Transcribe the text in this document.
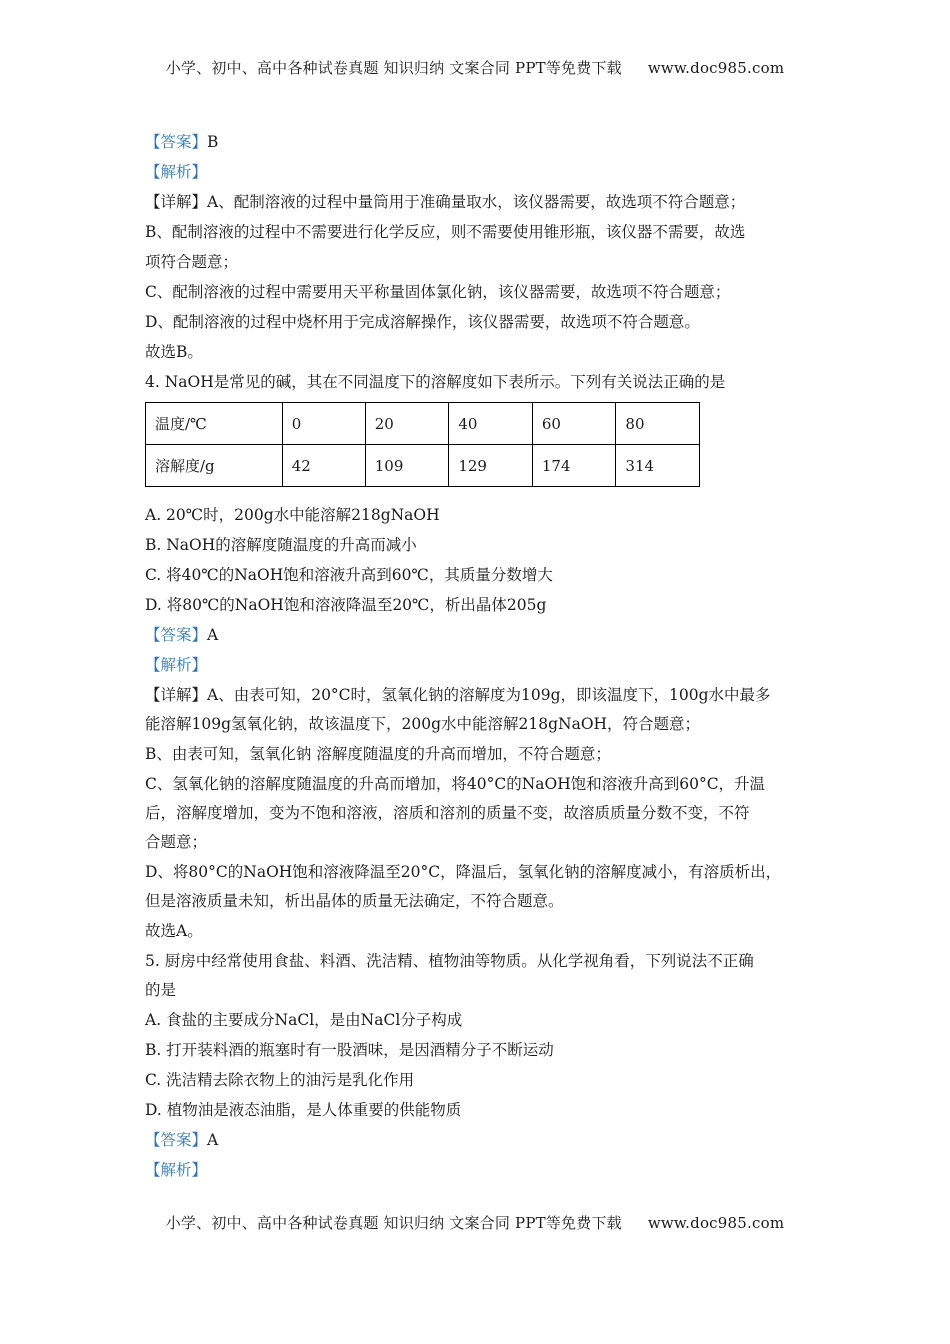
小学、初中、高中各种试卷真题 知识归纳 文案合同 PPT等免费下载 www.doc985.com
【答案】B
【解析】
【详解】A、配制溶液的过程中量筒用于准确量取水，该仪器需要，故选项不符合题意；
B、配制溶液的过程中不需要进行化学反应，则不需要使用锥形瓶，该仪器不需要，故选
项符合题意；
C、配制溶液的过程中需要用天平称量固体氯化钠，该仪器需要，故选项不符合题意；
D、配制溶液的过程中烧杯用于完成溶解操作，该仪器需要，故选项不符合题意。
故选B。
4. NaOH是常见的碱，其在不同温度下的溶解度如下表所示。下列有关说法正确的是
温度/℃	0	20	40	60	80
溶解度/g	42	109	129	174	314
A. 20℃时，200g水中能溶解218gNaOH
B. NaOH的溶解度随温度的升高而减小
C. 将40℃的NaOH饱和溶液升高到60℃，其质量分数增大
D. 将80℃的NaOH饱和溶液降温至20℃，析出晶体205g
【答案】A
【解析】
【详解】A、由表可知，20°C时，氢氧化钠的溶解度为109g，即该温度下，100g水中最多
能溶解109g氢氧化钠，故该温度下，200g水中能溶解218gNaOH，符合题意；
B、由表可知，氢氧化钠 溶解度随温度的升高而增加，不符合题意；
C、氢氧化钠的溶解度随温度的升高而增加，将40°C的NaOH饱和溶液升高到60°C，升温
后，溶解度增加，变为不饱和溶液，溶质和溶剂的质量不变，故溶质质量分数不变，不符
合题意；
D、将80°C的NaOH饱和溶液降温至20°C，降温后，氢氧化钠的溶解度减小，有溶质析出，
但是溶液质量未知，析出晶体的质量无法确定，不符合题意。
故选A。
5. 厨房中经常使用食盐、料酒、洗洁精、植物油等物质。从化学视角看，下列说法不正确
的是
A. 食盐的主要成分NaCl，是由NaCl分子构成
B. 打开装料酒的瓶塞时有一股酒味，是因酒精分子不断运动
C. 洗洁精去除衣物上的油污是乳化作用
D. 植物油是液态油脂，是人体重要的供能物质
【答案】A
【解析】
小学、初中、高中各种试卷真题 知识归纳 文案合同 PPT等免费下载 www.doc985.com
